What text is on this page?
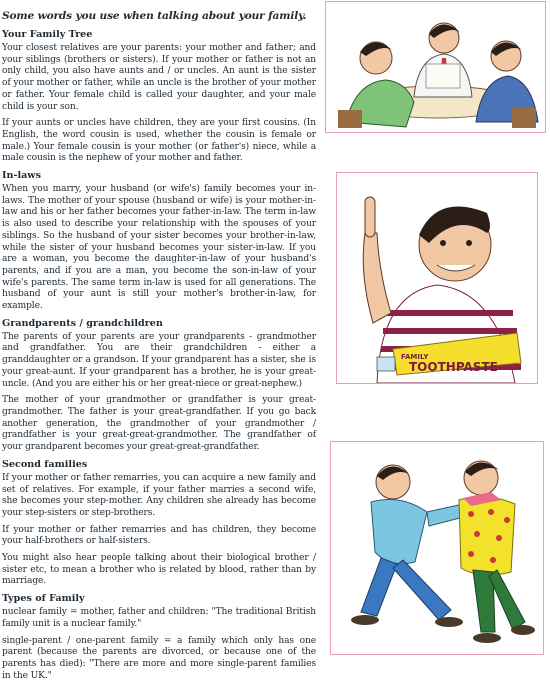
Some words you use when talking about your family.
Your Family Tree

Your closest relatives are your parents: your mother and father; and your siblings (brothers or sisters). If your mother or father is not an only child, you also have aunts and / or uncles. An aunt is the sister of your mother or father, while an uncle is the brother of your mother or father. Your female child is called your daughter, and your male child is your son.

If your aunts or uncles have children, they are your first cousins. (In English, the word cousin is used, whether the cousin is female or male.) Your female cousin is your mother (or father's) niece, while a male cousin is the nephew of your mother and father.

In-laws

When you marry, your husband (or wife's) family becomes your in-laws. The mother of your spouse (husband or wife) is your mother-in-law and his or her father becomes your father-in-law. The term in-law is also used to describe your relationship with the spouses of your siblings. So the husband of your sister becomes your brother-in-law, while the sister of your husband becomes your sister-in-law. If you are a woman, you become the daughter-in-law of your husband's parents, and if you are a man, you become the son-in-law of your wife's parents. The same term in-law is used for all generations. The husband of your aunt is still your mother's brother-in-law, for example.

Grandparents / grandchildren

The parents of your parents are your grandparents - grandmother and grandfather. You are their grandchildren - either a granddaughter or a grandson. If your grandparent has a sister, she is your great-aunt. If your grandparent has a brother, he is your great-uncle. (And you are either his or her great-niece or great-nephew.)

The mother of your grandmother or grandfather is your great-grandmother. The father is your great-grandfather. If you go back another generation, the grandmother of your grandmother / grandfather is your great-great-grandmother. The grandfather of your grandparent becomes your great-great-grandfather.

Second families

If your mother or father remarries, you can acquire a new family and set of relatives. For example, if your father marries a second wife, she becomes your step-mother. Any children she already has become your step-sisters or step-brothers.

If your mother or father remarries and has children, they become your half-brothers or half-sisters.

You might also hear people talking about their biological brother / sister etc, to mean a brother who is related by blood, rather than by marriage.

Types of Family

nuclear family = mother, father and children: "The traditional British family unit is a nuclear family."

single-parent / one-parent family = a family which only has one parent (because the parents are divorced, or because one of the parents has died): "There are more and more single-parent families in the UK."

FAMILY
TOOTHPASTE
